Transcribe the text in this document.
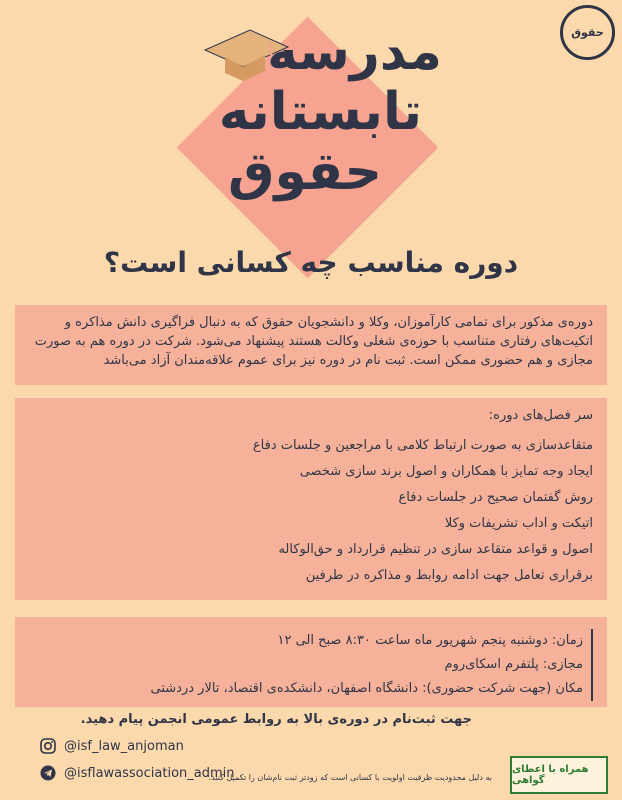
حقوق
مدرسه
تابستانه
حقوق
دوره مناسب چه کسانی است؟
دوره‌ی مذکور برای تمامی کارآموزان، وکلا و دانشجویان حقوق که به دنبال فراگیری دانش مذاکره و اتکیت‌های رفتاری متناسب با حوزه‌ی شغلی وکالت هستند پیشنهاد می‌شود. شرکت در دوره هم به صورت مجازی و هم حضوری ممکن است. ثبت نام در دوره نیز برای عموم علاقه‌مندان آزاد می‌باشد
سر فصل‌های دوره:
متقاعدسازی به صورت ارتباط کلامی با مراجعین و جلسات دفاع
ایجاد وجه تمایز با همکاران و اصول برند سازی شخصی
روش گفتمان صحیح در جلسات دفاع
اتیکت و اداب تشریفات وکلا
اصول و قواعد متقاعد سازی در تنظیم قرارداد و حق‌الوکاله
برقراری تعامل جهت ادامه روابط و مذاکره در طرفین
زمان: دوشنبه پنجم شهریور ماه ساعت ۸:۳۰ صبح الی ۱۲
مجازی: پلتفرم اسکای‌روم
مکان (جهت شرکت حضوری): دانشگاه اصفهان، دانشکده‌ی اقتصاد، تالار دردشتی
جهت ثبت‌نام در دوره‌ی بالا به روابط عمومی انجمن پیام دهید.
@isf_law_anjoman
@isflawassociation_admin
به دلیل محدودیت ظرفیت اولویت با کسانی است که زودتر ثبت نام‌شان را تکمیل کنند.
همراه با اعطای گواهی
